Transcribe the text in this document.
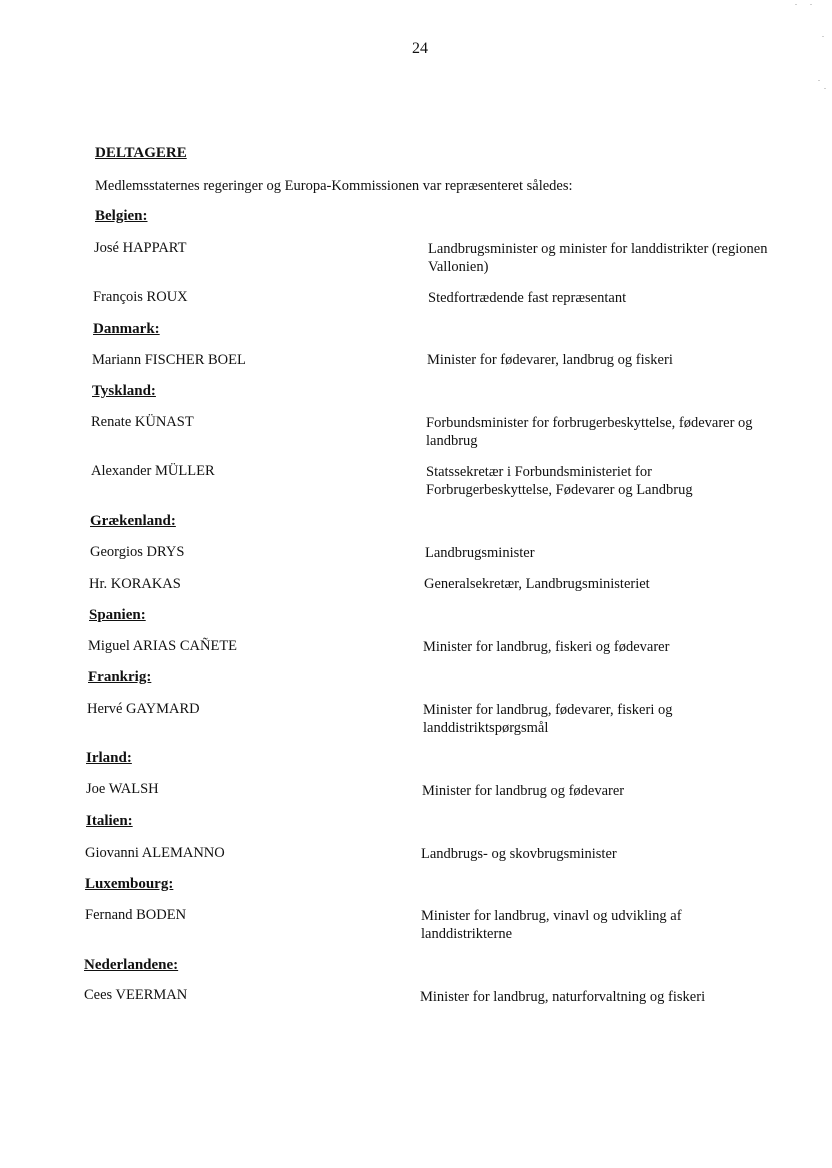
24
DELTAGERE
Medlemsstaternes regeringer og Europa-Kommissionen var repræsenteret således:
Belgien:
José HAPPART	Landbrugsminister og minister for landdistrikter (regionen Vallonien)
François ROUX	Stedfortrædende fast repræsentant
Danmark:
Mariann FISCHER BOEL	Minister for fødevarer, landbrug og fiskeri
Tyskland:
Renate KÜNAST	Forbundsminister for forbrugerbeskyttelse, fødevarer og landbrug
Alexander MÜLLER	Statssekretær i Forbundsministeriet for Forbrugerbeskyttelse, Fødevarer og Landbrug
Grækenland:
Georgios DRYS	Landbrugsminister
Hr. KORAKAS	Generalsekretær, Landbrugsministeriet
Spanien:
Miguel ARIAS CAÑETE	Minister for landbrug, fiskeri og fødevarer
Frankrig:
Hervé GAYMARD	Minister for landbrug, fødevarer, fiskeri og landdistriktspørgsmål
Irland:
Joe WALSH	Minister for landbrug og fødevarer
Italien:
Giovanni ALEMANNO	Landbrugs- og skovbrugsminister
Luxembourg:
Fernand BODEN	Minister for landbrug, vinavl og udvikling af landdistrikterne
Nederlandene:
Cees VEERMAN	Minister for landbrug, naturforvaltning og fiskeri
